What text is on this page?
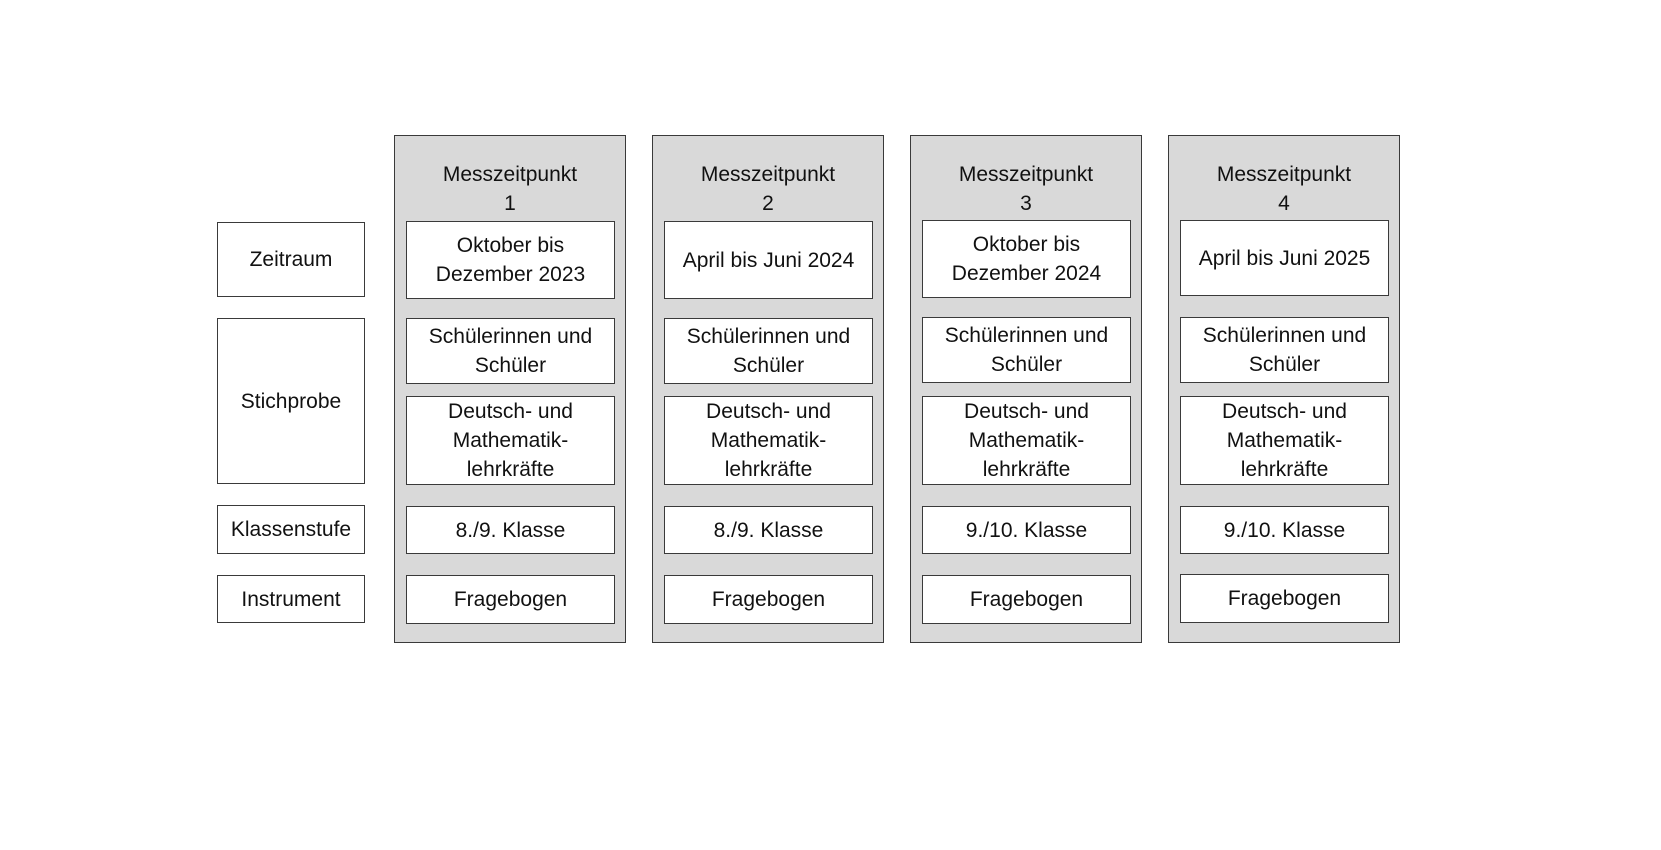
Zeitraum
Stichprobe
Klassenstufe
Instrument
Messzeitpunkt
1
Oktober bis
Dezember 2023
Schülerinnen und
Schüler
Deutsch- und
Mathematik-
lehrkräfte
8./9. Klasse
Fragebogen
Messzeitpunkt
2
April bis Juni 2024
Schülerinnen und
Schüler
Deutsch- und
Mathematik-
lehrkräfte
8./9. Klasse
Fragebogen
Messzeitpunkt
3
Oktober bis
Dezember 2024
Schülerinnen und
Schüler
Deutsch- und
Mathematik-
lehrkräfte
9./10. Klasse
Fragebogen
Messzeitpunkt
4
April bis Juni 2025
Schülerinnen und
Schüler
Deutsch- und
Mathematik-
lehrkräfte
9./10. Klasse
Fragebogen
